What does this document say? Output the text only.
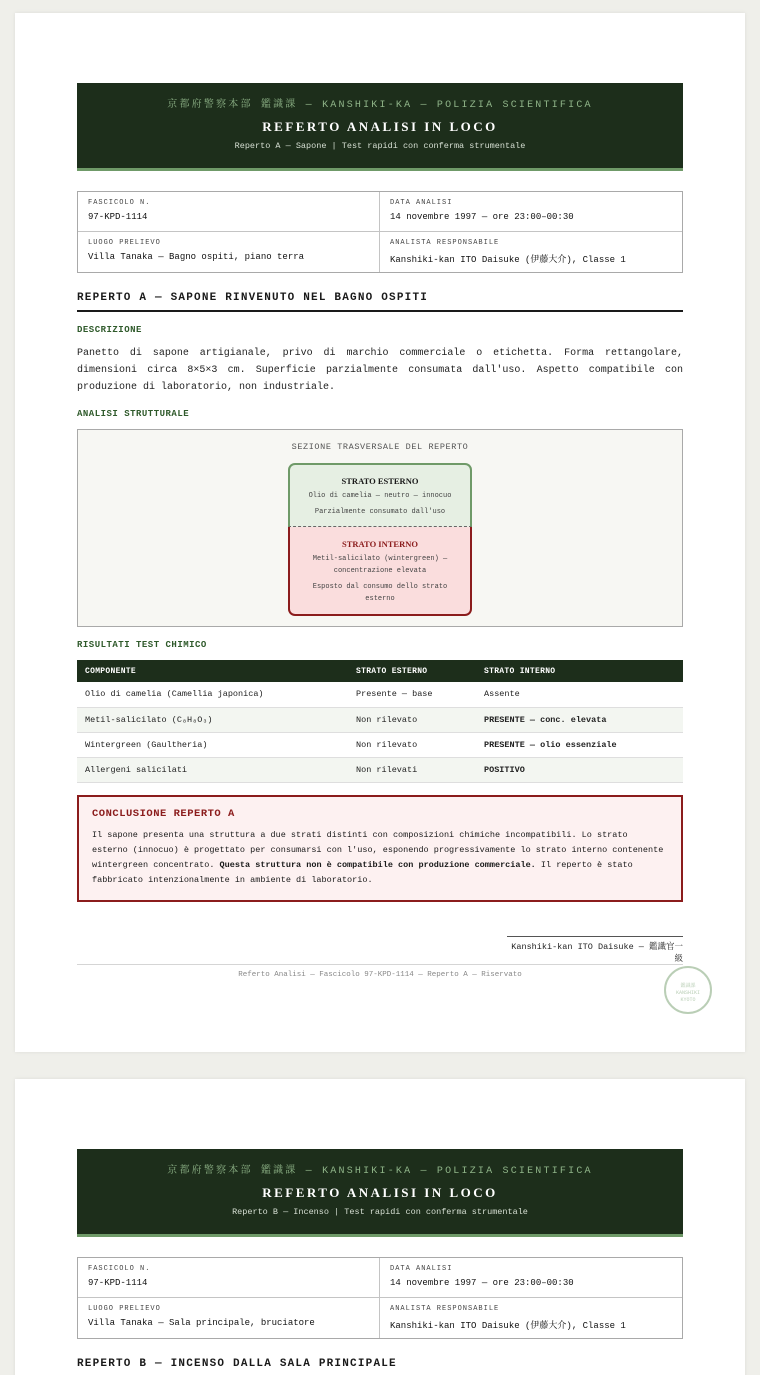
京都府警察本部 鑑識課 — KANSHIKI-KA — POLIZIA SCIENTIFICA
REFERTO ANALISI IN LOCO
Reperto A — Sapone | Test rapidi con conferma strumentale
FASCICOLO N.
97-KPD-1114
DATA ANALISI
14 novembre 1997 — ore 23:00–00:30
LUOGO PRELIEVO
Villa Tanaka — Bagno ospiti, piano terra
ANALISTA RESPONSABILE
Kanshiki-kan ITO Daisuke (伊藤大介), Classe 1
REPERTO A — SAPONE RINVENUTO NEL BAGNO OSPITI
DESCRIZIONE
Panetto di sapone artigianale, privo di marchio commerciale o etichetta. Forma rettangolare, dimensioni circa 8×5×3 cm. Superficie parzialmente consumata dall'uso. Aspetto compatibile con produzione di laboratorio, non industriale.
ANALISI STRUTTURALE
SEZIONE TRASVERSALE DEL REPERTO
STRATO ESTERNO
Olio di camelia — neutro — innocuo
Parzialmente consumato dall'uso
STRATO INTERNO
Metil-salicilato (wintergreen) — concentrazione elevata
Esposto dal consumo dello strato esterno
RISULTATI TEST CHIMICO
COMPONENTE	STRATO ESTERNO	STRATO INTERNO
Olio di camelia (Camellia japonica)	Presente — base	Assente
Metil-salicilato (C₈H₈O₃)	Non rilevato	PRESENTE — conc. elevata
Wintergreen (Gaultheria)	Non rilevato	PRESENTE — olio essenziale
Allergeni salicilati	Non rilevati	POSITIVO
CONCLUSIONE REPERTO A
Il sapone presenta una struttura a due strati distinti con composizioni chimiche incompatibili. Lo strato esterno (innocuo) è progettato per consumarsi con l'uso, esponendo progressivamente lo strato interno contenente wintergreen concentrato. Questa struttura non è compatibile con produzione commerciale. Il reperto è stato fabbricato intenzionalmente in ambiente di laboratorio.
Kanshiki-kan ITO Daisuke — 鑑識官一級
Referto Analisi — Fascicolo 97-KPD-1114 — Reperto A — Riservato
鑑識課
KANSHIKI
KYOTO
京都府警察本部 鑑識課 — KANSHIKI-KA — POLIZIA SCIENTIFICA
REFERTO ANALISI IN LOCO
Reperto B — Incenso | Test rapidi con conferma strumentale
FASCICOLO N.
97-KPD-1114
DATA ANALISI
14 novembre 1997 — ore 23:00–00:30
LUOGO PRELIEVO
Villa Tanaka — Sala principale, bruciatore
ANALISTA RESPONSABILE
Kanshiki-kan ITO Daisuke (伊藤大介), Classe 1
REPERTO B — INCENSO DALLA SALA PRINCIPALE
